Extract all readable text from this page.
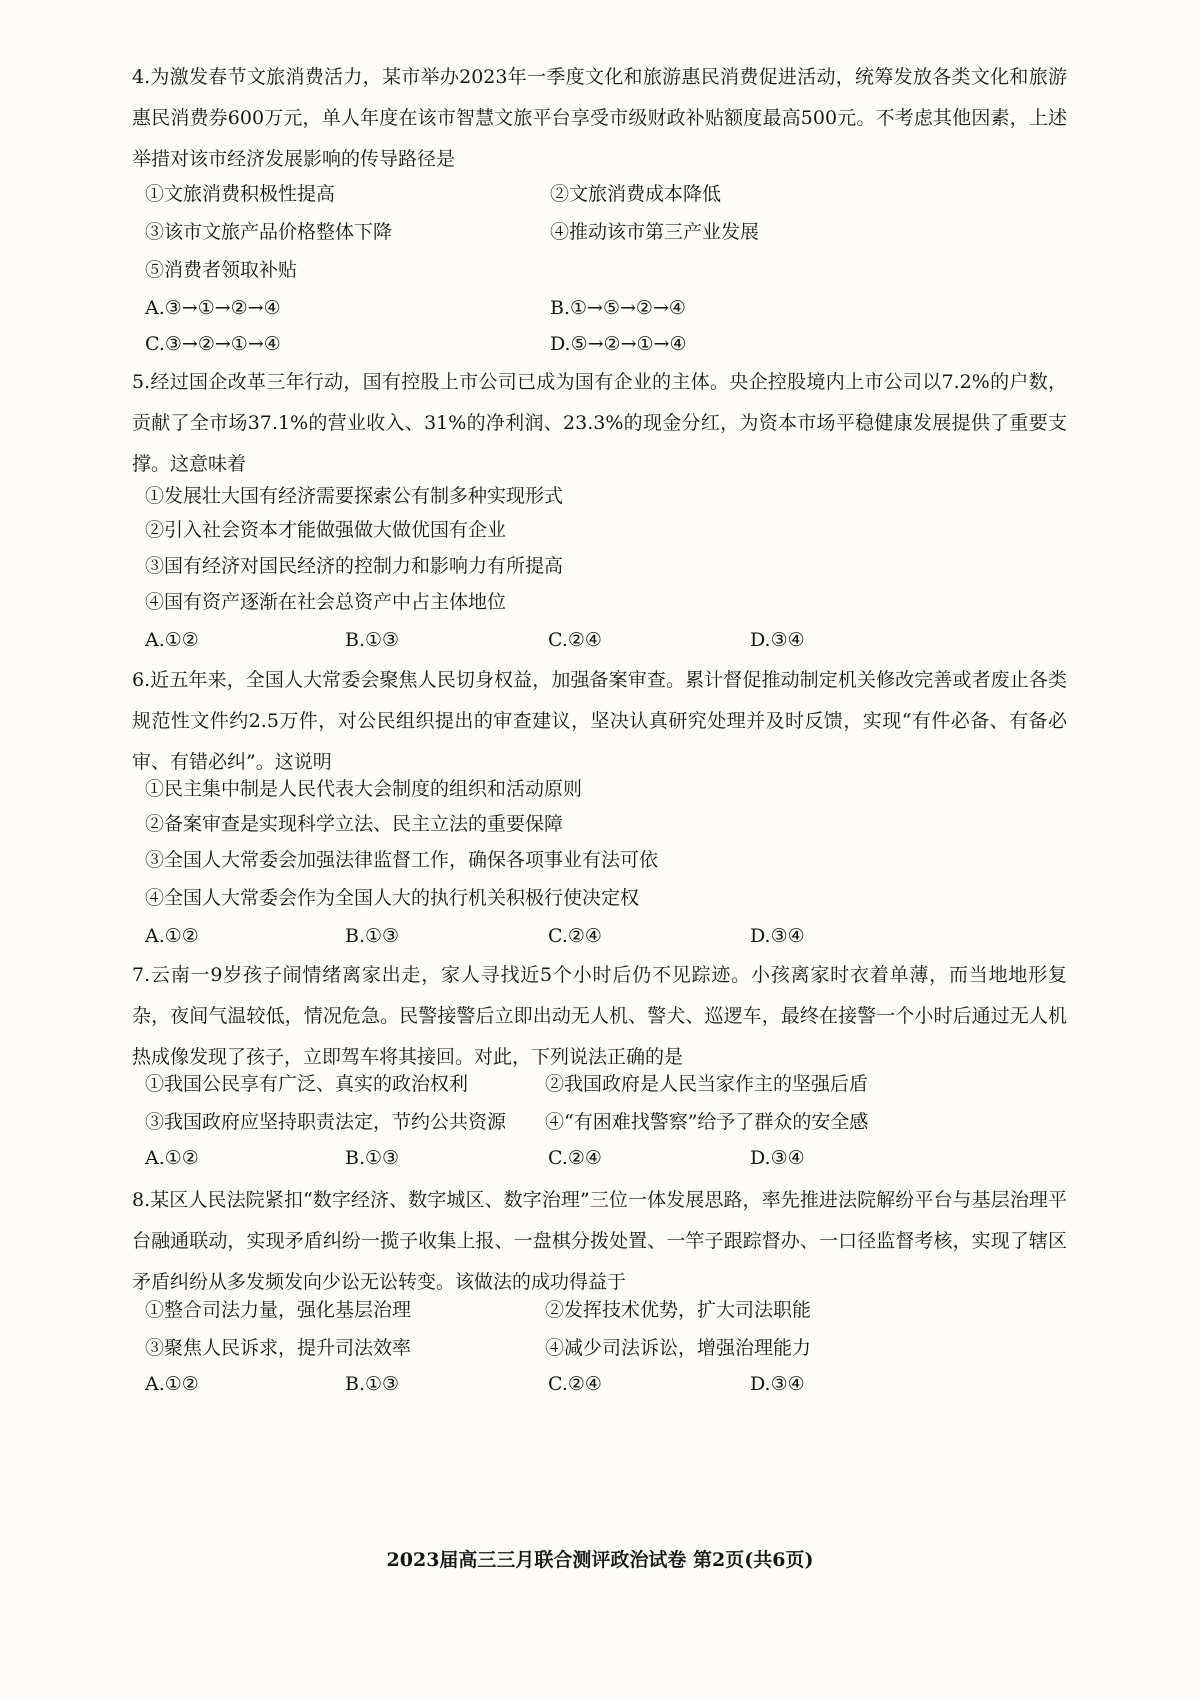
4.为激发春节文旅消费活力，某市举办2023年一季度文化和旅游惠民消费促进活动，统筹发放各类文化和旅游惠民消费券600万元，单人年度在该市智慧文旅平台享受市级财政补贴额度最高500元。不考虑其他因素，上述举措对该市经济发展影响的传导路径是
①文旅消费积极性提高	②文旅消费成本降低
③该市文旅产品价格整体下降	④推动该市第三产业发展
⑤消费者领取补贴
A.③→①→②→④	B.①→⑤→②→④
C.③→②→①→④	D.⑤→②→①→④
5.经过国企改革三年行动，国有控股上市公司已成为国有企业的主体。央企控股境内上市公司以7.2%的户数，贡献了全市场37.1%的营业收入、31%的净利润、23.3%的现金分红，为资本市场平稳健康发展提供了重要支撑。这意味着
①发展壮大国有经济需要探索公有制多种实现形式
②引入社会资本才能做强做大做优国有企业
③国有经济对国民经济的控制力和影响力有所提高
④国有资产逐渐在社会总资产中占主体地位
A.①②	B.①③	C.②④	D.③④
6.近五年来，全国人大常委会聚焦人民切身权益，加强备案审查。累计督促推动制定机关修改完善或者废止各类规范性文件约2.5万件，对公民组织提出的审查建议，坚决认真研究处理并及时反馈，实现“有件必备、有备必审、有错必纠”。这说明
①民主集中制是人民代表大会制度的组织和活动原则
②备案审查是实现科学立法、民主立法的重要保障
③全国人大常委会加强法律监督工作，确保各项事业有法可依
④全国人大常委会作为全国人大的执行机关积极行使决定权
A.①②	B.①③	C.②④	D.③④
7.云南一9岁孩子闹情绪离家出走，家人寻找近5个小时后仍不见踪迹。小孩离家时衣着单薄，而当地地形复杂，夜间气温较低，情况危急。民警接警后立即出动无人机、警犬、巡逻车，最终在接警一个小时后通过无人机热成像发现了孩子，立即驾车将其接回。对此，下列说法正确的是
①我国公民享有广泛、真实的政治权利	②我国政府是人民当家作主的坚强后盾
③我国政府应坚持职责法定，节约公共资源 ④“有困难找警察”给予了群众的安全感
A.①②	B.①③	C.②④	D.③④
8.某区人民法院紧扣“数字经济、数字城区、数字治理”三位一体发展思路，率先推进法院解纷平台与基层治理平台融通联动，实现矛盾纠纷一揽子收集上报、一盘棋分拨处置、一竿子跟踪督办、一口径监督考核，实现了辖区矛盾纠纷从多发频发向少讼无讼转变。该做法的成功得益于
①整合司法力量，强化基层治理	②发挥技术优势，扩大司法职能
③聚焦人民诉求，提升司法效率	④减少司法诉讼，增强治理能力
A.①②	B.①③	C.②④	D.③④
2023届高三三月联合测评政治试卷 第2页(共6页)
